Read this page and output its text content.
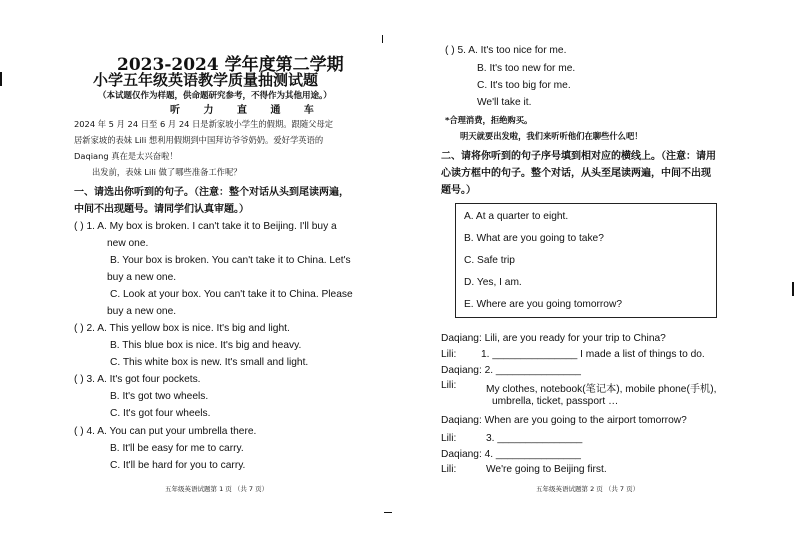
2023-2024 学年度第二学期
小学五年级英语教学质量抽测试题
（本试题仅作为样题，供命题研究参考，不得作为其他用途。）
听 力 直 通 车
2024 年 5 月 24 日至 6 月 24 日是新家坡小学生的假期。跟随父母定
居新家坡的表妹 Lili 想利用假期到中国拜访爷爷奶奶。爱好学英语的
Daqiang 真在是太兴奋啦！
出发前，表妹 Lili 做了哪些准备工作呢？
一、请选出你听到的句子。（注意：整个对话从头到尾读两遍，
中间不出现题号。请同学们认真审题。）
( ) 1. A. My box is broken. I can't take it to Beijing. I'll buy a
new one.
B. Your box is broken. You can't take it to China. Let's
buy a new one.
C. Look at your box. You can't take it to China. Please
buy a new one.
( ) 2. A. This yellow box is nice. It's big and light.
B. This blue box is nice. It's big and heavy.
C. This white box is new. It's small and light.
( ) 3. A. It's got four pockets.
B. It's got two wheels.
C. It's got four wheels.
( ) 4. A. You can put your umbrella there.
B. It'll be easy for me to carry.
C. It'll be hard for you to carry.
五年级英语试题第 1 页 （共 7 页）
( ) 5. A. It's too nice for me.
B. It's too new for me.
C. It's too big for me.
We'll take it.
*合理消费，拒绝购买。
明天就要出发啦，我们来听听他们在聊些什么吧！
二、请将你听到的句子序号填到相对应的横线上。（注意：请用
心读方框中的句子。整个对话，从头至尾读两遍，中间不出现
题号。）
A. At a quarter to eight.
B. What are you going to take?
C. Safe trip
D. Yes, I am.
E. Where are you going tomorrow?
Daqiang: Lili, are you ready for your trip to China?
Lili: 1. _______________ I made a list of things to do.
Daqiang: 2. _______________
Lili:	My clothes, notebook(笔记本), mobile phone(手机),
umbrella, ticket, passport …
Daqiang: When are you going to the airport tomorrow?
Lili:	3. _______________
Daqiang: 4. _______________
Lili:	We're going to Beijing first.
五年级英语试题第 2 页 （共 7 页）
